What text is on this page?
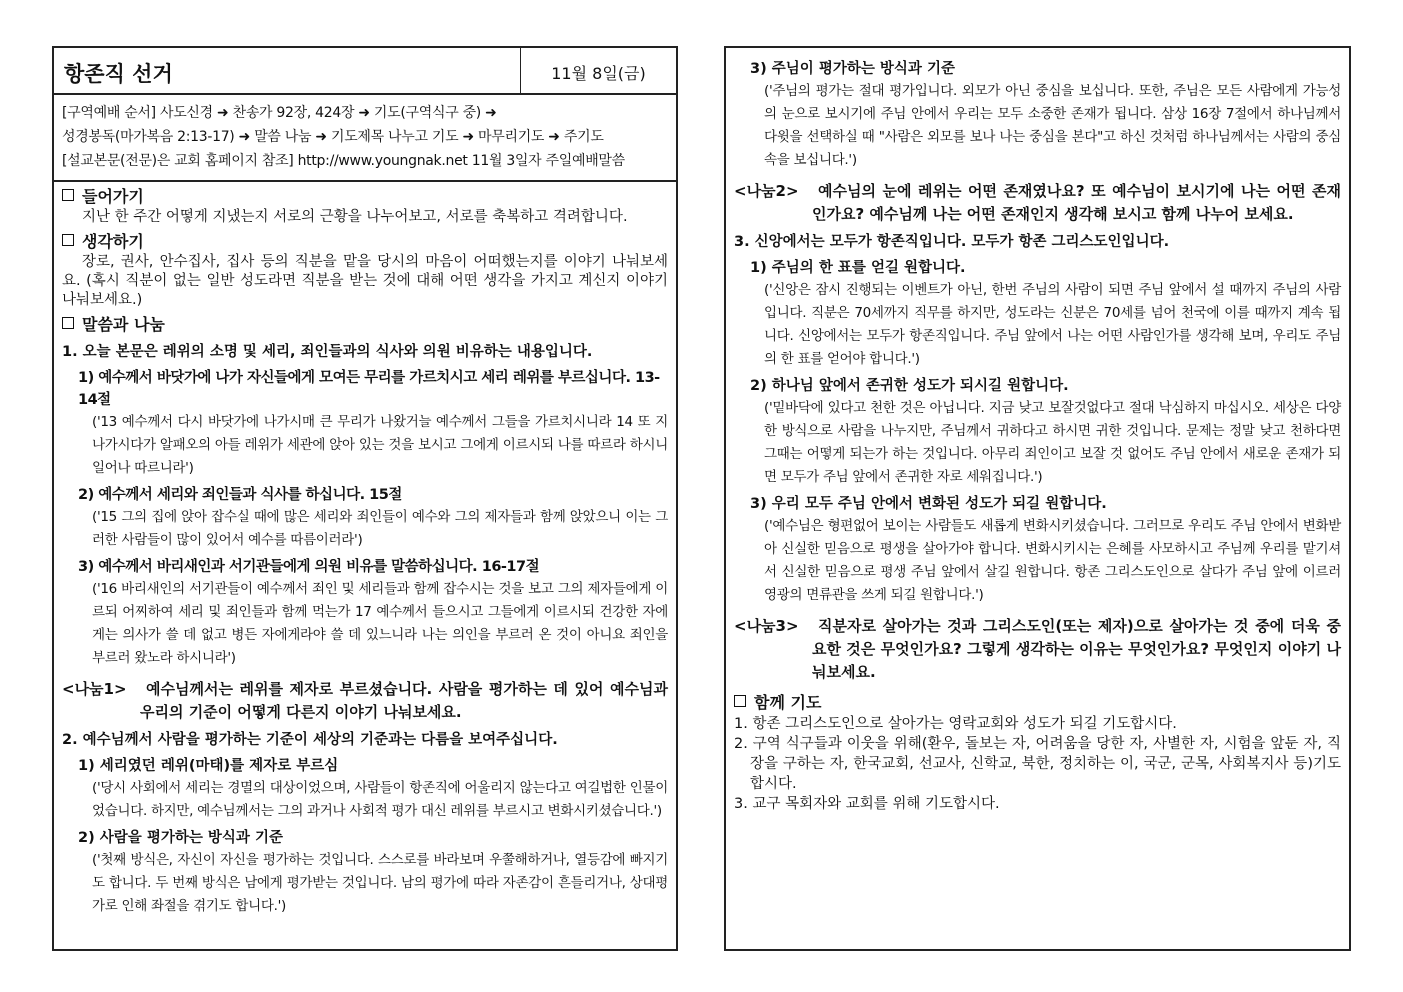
항존직 선거	11월 8일(금)
[구역예배 순서] 사도신경 ➜ 찬송가 92장, 424장 ➜ 기도(구역식구 중) ➜
성경봉독(마가복음 2:13-17) ➜ 말씀 나눔 ➜ 기도제목 나누고 기도 ➜ 마무리기도 ➜ 주기도
[설교본문(전문)은 교회 홈페이지 참조] http://www.youngnak.net 11월 3일자 주일예배말씀
들어가기
지난 한 주간 어떻게 지냈는지 서로의 근황을 나누어보고, 서로를 축복하고 격려합니다.
생각하기
장로, 권사, 안수집사, 집사 등의 직분을 맡을 당시의 마음이 어떠했는지를 이야기 나눠보세요. (혹시 직분이 없는 일반 성도라면 직분을 받는 것에 대해 어떤 생각을 가지고 계신지 이야기 나눠보세요.)
말씀과 나눔
1. 오늘 본문은 레위의 소명 및 세리, 죄인들과의 식사와 의원 비유하는 내용입니다.
1) 예수께서 바닷가에 나가 자신들에게 모여든 무리를 가르치시고 세리 레위를 부르십니다. 13-14절
('13 예수께서 다시 바닷가에 나가시매 큰 무리가 나왔거늘 예수께서 그들을 가르치시니라 14 또 지나가시다가 알패오의 아들 레위가 세관에 앉아 있는 것을 보시고 그에게 이르시되 나를 따르라 하시니 일어나 따르니라')
2) 예수께서 세리와 죄인들과 식사를 하십니다. 15절
('15 그의 집에 앉아 잡수실 때에 많은 세리와 죄인들이 예수와 그의 제자들과 함께 앉았으니 이는 그러한 사람들이 많이 있어서 예수를 따름이러라')
3) 예수께서 바리새인과 서기관들에게 의원 비유를 말씀하십니다. 16-17절
('16 바리새인의 서기관들이 예수께서 죄인 및 세리들과 함께 잡수시는 것을 보고 그의 제자들에게 이르되 어찌하여 세리 및 죄인들과 함께 먹는가 17 예수께서 들으시고 그들에게 이르시되 건강한 자에게는 의사가 쓸 데 없고 병든 자에게라야 쓸 데 있느니라 나는 의인을 부르러 온 것이 아니요 죄인을 부르러 왔노라 하시니라')
<나눔1> 예수님께서는 레위를 제자로 부르셨습니다. 사람을 평가하는 데 있어 예수님과 우리의 기준이 어떻게 다른지 이야기 나눠보세요.
2. 예수님께서 사람을 평가하는 기준이 세상의 기준과는 다름을 보여주십니다.
1) 세리였던 레위(마태)를 제자로 부르심
('당시 사회에서 세리는 경멸의 대상이었으며, 사람들이 항존직에 어울리지 않는다고 여길법한 인물이었습니다. 하지만, 예수님께서는 그의 과거나 사회적 평가 대신 레위를 부르시고 변화시키셨습니다.')
2) 사람을 평가하는 방식과 기준
('첫째 방식은, 자신이 자신을 평가하는 것입니다. 스스로를 바라보며 우쭐해하거나, 열등감에 빠지기도 합니다. 두 번째 방식은 남에게 평가받는 것입니다. 남의 평가에 따라 자존감이 흔들리거나, 상대평가로 인해 좌절을 겪기도 합니다.')
3) 주님이 평가하는 방식과 기준
('주님의 평가는 절대 평가입니다. 외모가 아닌 중심을 보십니다. 또한, 주님은 모든 사람에게 가능성의 눈으로 보시기에 주님 안에서 우리는 모두 소중한 존재가 됩니다. 삼상 16장 7절에서 하나님께서 다윗을 선택하실 때 "사람은 외모를 보나 나는 중심을 본다"고 하신 것처럼 하나님께서는 사람의 중심 속을 보십니다.')
<나눔2> 예수님의 눈에 레위는 어떤 존재였나요? 또 예수님이 보시기에 나는 어떤 존재인가요? 예수님께 나는 어떤 존재인지 생각해 보시고 함께 나누어 보세요.
3. 신앙에서는 모두가 항존직입니다. 모두가 항존 그리스도인입니다.
1) 주님의 한 표를 얻길 원합니다.
('신앙은 잠시 진행되는 이벤트가 아닌, 한번 주님의 사람이 되면 주님 앞에서 설 때까지 주님의 사람입니다. 직분은 70세까지 직무를 하지만, 성도라는 신분은 70세를 넘어 천국에 이를 때까지 계속 됩니다. 신앙에서는 모두가 항존직입니다. 주님 앞에서 나는 어떤 사람인가를 생각해 보며, 우리도 주님의 한 표를 얻어야 합니다.')
2) 하나님 앞에서 존귀한 성도가 되시길 원합니다.
('밑바닥에 있다고 천한 것은 아닙니다. 지금 낮고 보잘것없다고 절대 낙심하지 마십시오. 세상은 다양한 방식으로 사람을 나누지만, 주님께서 귀하다고 하시면 귀한 것입니다. 문제는 정말 낮고 천하다면 그때는 어떻게 되는가 하는 것입니다. 아무리 죄인이고 보잘 것 없어도 주님 안에서 새로운 존재가 되면 모두가 주님 앞에서 존귀한 자로 세워집니다.')
3) 우리 모두 주님 안에서 변화된 성도가 되길 원합니다.
('예수님은 형편없어 보이는 사람들도 새롭게 변화시키셨습니다. 그러므로 우리도 주님 안에서 변화받아 신실한 믿음으로 평생을 살아가야 합니다. 변화시키시는 은혜를 사모하시고 주님께 우리를 맡기셔서 신실한 믿음으로 평생 주님 앞에서 살길 원합니다. 항존 그리스도인으로 살다가 주님 앞에 이르러 영광의 면류관을 쓰게 되길 원합니다.')
<나눔3> 직분자로 살아가는 것과 그리스도인(또는 제자)으로 살아가는 것 중에 더욱 중요한 것은 무엇인가요? 그렇게 생각하는 이유는 무엇인가요? 무엇인지 이야기 나눠보세요.
함께 기도
1. 항존 그리스도인으로 살아가는 영락교회와 성도가 되길 기도합시다.
2. 구역 식구들과 이웃을 위해(환우, 돌보는 자, 어려움을 당한 자, 사별한 자, 시험을 앞둔 자, 직장을 구하는 자, 한국교회, 선교사, 신학교, 북한, 정치하는 이, 국군, 군목, 사회복지사 등)기도합시다.
3. 교구 목회자와 교회를 위해 기도합시다.
